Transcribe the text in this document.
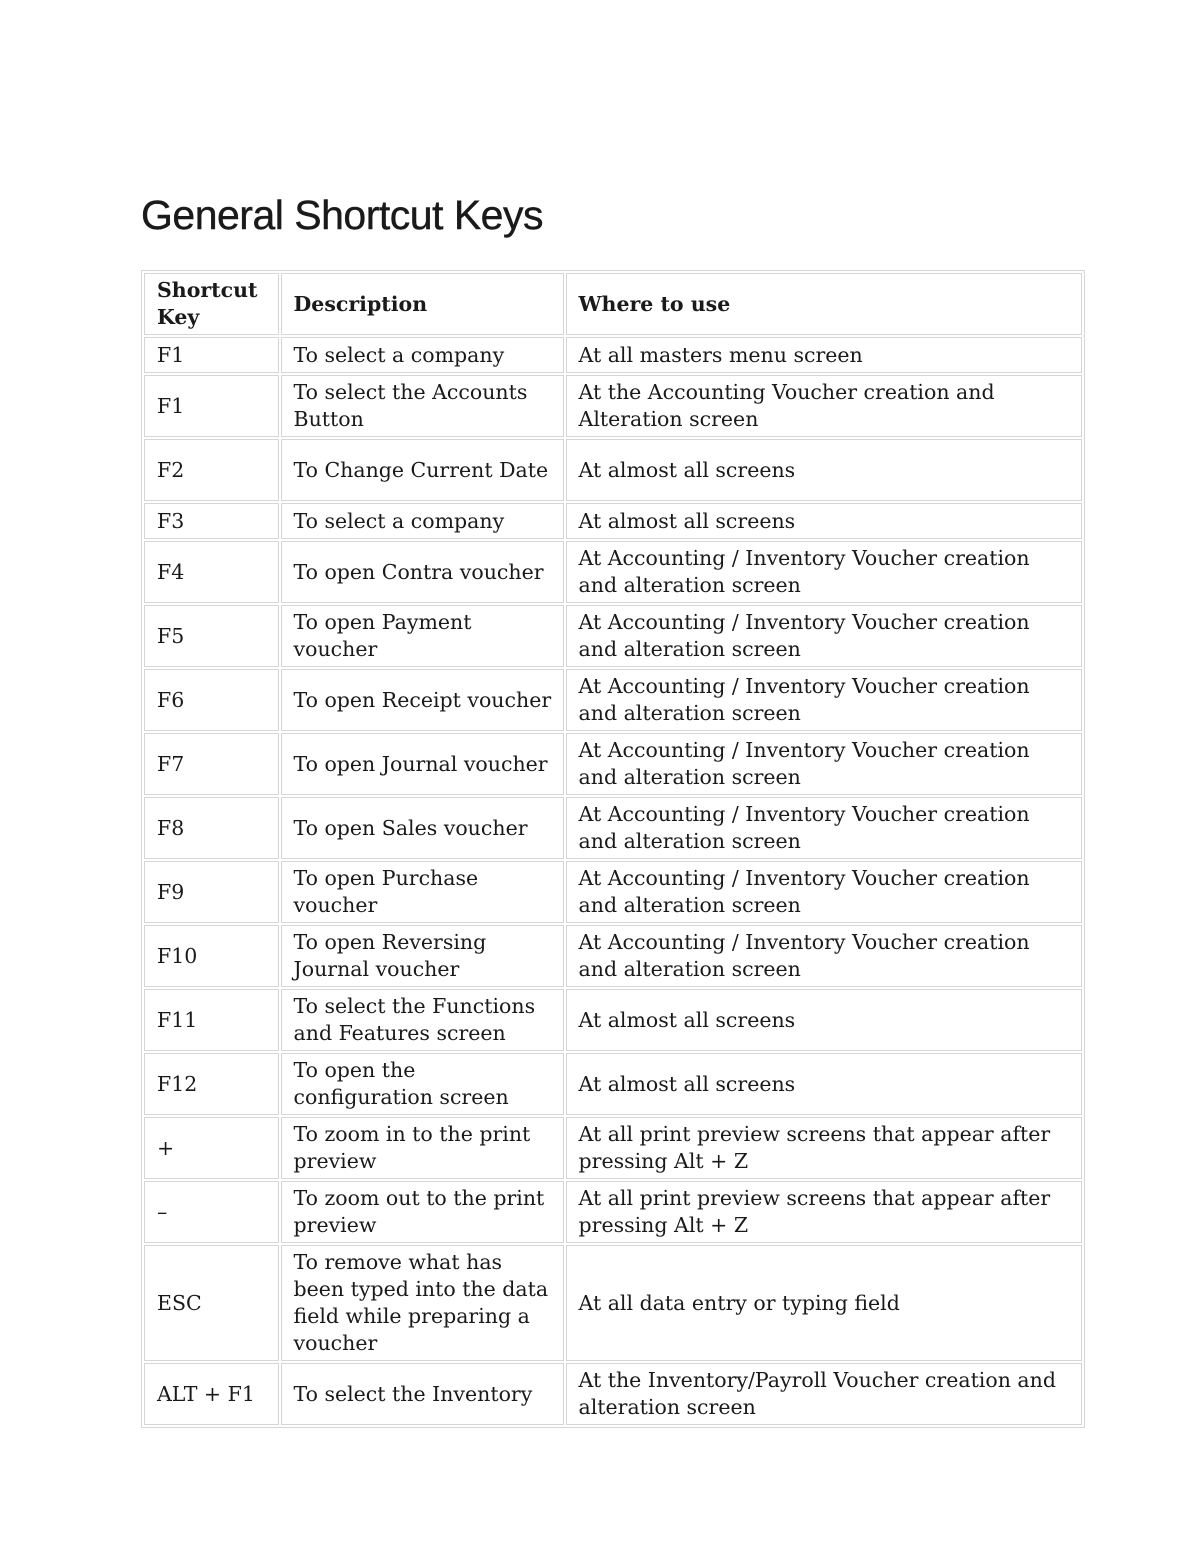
General Shortcut Keys
Shortcut Key	Description	Where to use
F1	To select a company	At all masters menu screen
F1	To select the Accounts Button	At the Accounting Voucher creation and Alteration screen
F2	To Change Current Date	At almost all screens
F3	To select a company	At almost all screens
F4	To open Contra voucher	At Accounting / Inventory Voucher creation and alteration screen
F5	To open Payment voucher	At Accounting / Inventory Voucher creation and alteration screen
F6	To open Receipt voucher	At Accounting / Inventory Voucher creation and alteration screen
F7	To open Journal voucher	At Accounting / Inventory Voucher creation and alteration screen
F8	To open Sales voucher	At Accounting / Inventory Voucher creation and alteration screen
F9	To open Purchase voucher	At Accounting / Inventory Voucher creation and alteration screen
F10	To open Reversing Journal voucher	At Accounting / Inventory Voucher creation and alteration screen
F11	To select the Functions and Features screen	At almost all screens
F12	To open the configuration screen	At almost all screens
+	To zoom in to the print preview	At all print preview screens that appear after pressing Alt + Z
–	To zoom out to the print preview	At all print preview screens that appear after pressing Alt + Z
ESC	To remove what has been typed into the data field while preparing a voucher	At all data entry or typing field
ALT + F1	To select the Inventory	At the Inventory/Payroll Voucher creation and alteration screen
